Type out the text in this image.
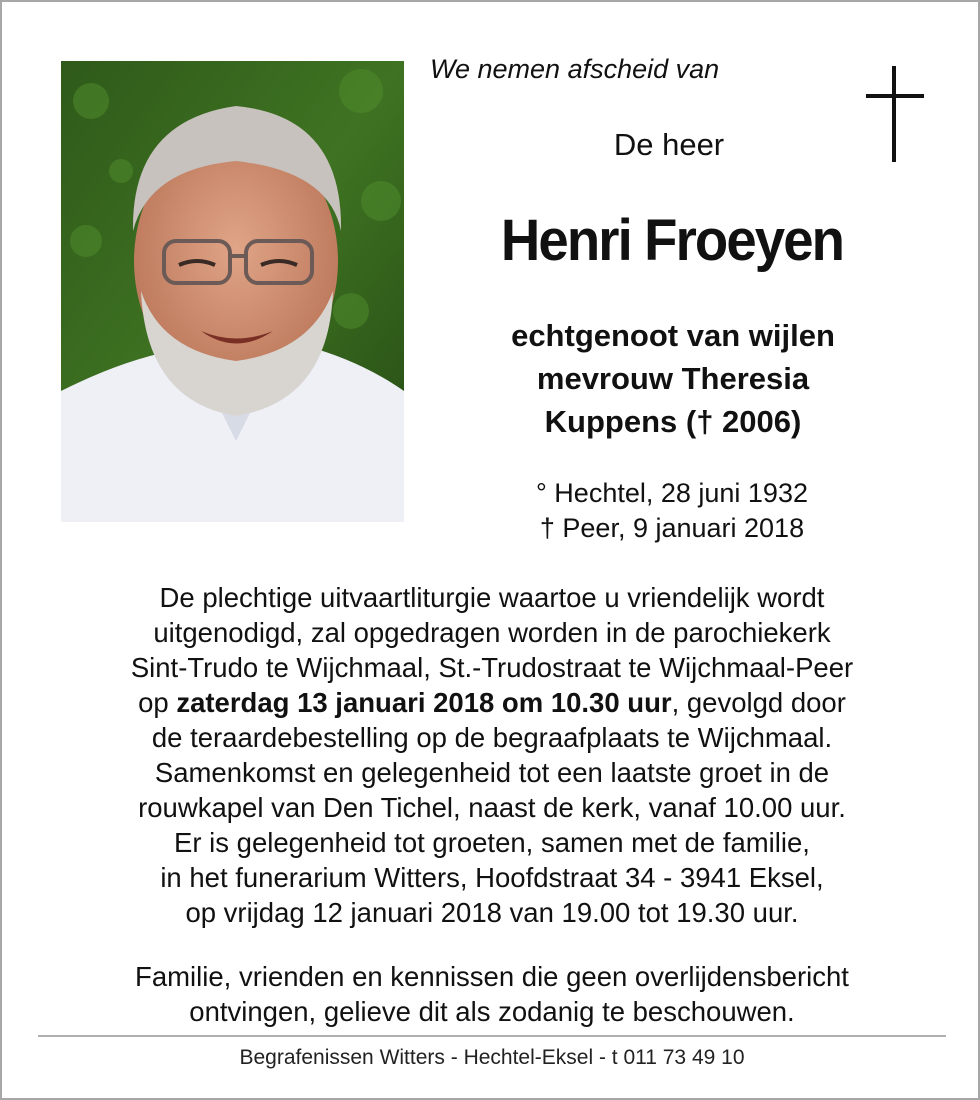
We nemen afscheid van
De heer
Henri Froeyen
echtgenoot van wijlen
mevrouw Theresia
Kuppens († 2006)
° Hechtel, 28 juni 1932
† Peer, 9 januari 2018
De plechtige uitvaartliturgie waartoe u vriendelijk wordt
uitgenodigd, zal opgedragen worden in de parochiekerk
Sint-Trudo te Wijchmaal, St.-Trudostraat te Wijchmaal-Peer
op zaterdag 13 januari 2018 om 10.30 uur, gevolgd door
de teraardebestelling op de begraafplaats te Wijchmaal.
Samenkomst en gelegenheid tot een laatste groet in de
rouwkapel van Den Tichel, naast de kerk, vanaf 10.00 uur.
Er is gelegenheid tot groeten, samen met de familie,
in het funerarium Witters, Hoofdstraat 34 - 3941 Eksel,
op vrijdag 12 januari 2018 van 19.00 tot 19.30 uur.
Familie, vrienden en kennissen die geen overlijdensbericht
ontvingen, gelieve dit als zodanig te beschouwen.
Begrafenissen Witters - Hechtel-Eksel - t 011 73 49 10
